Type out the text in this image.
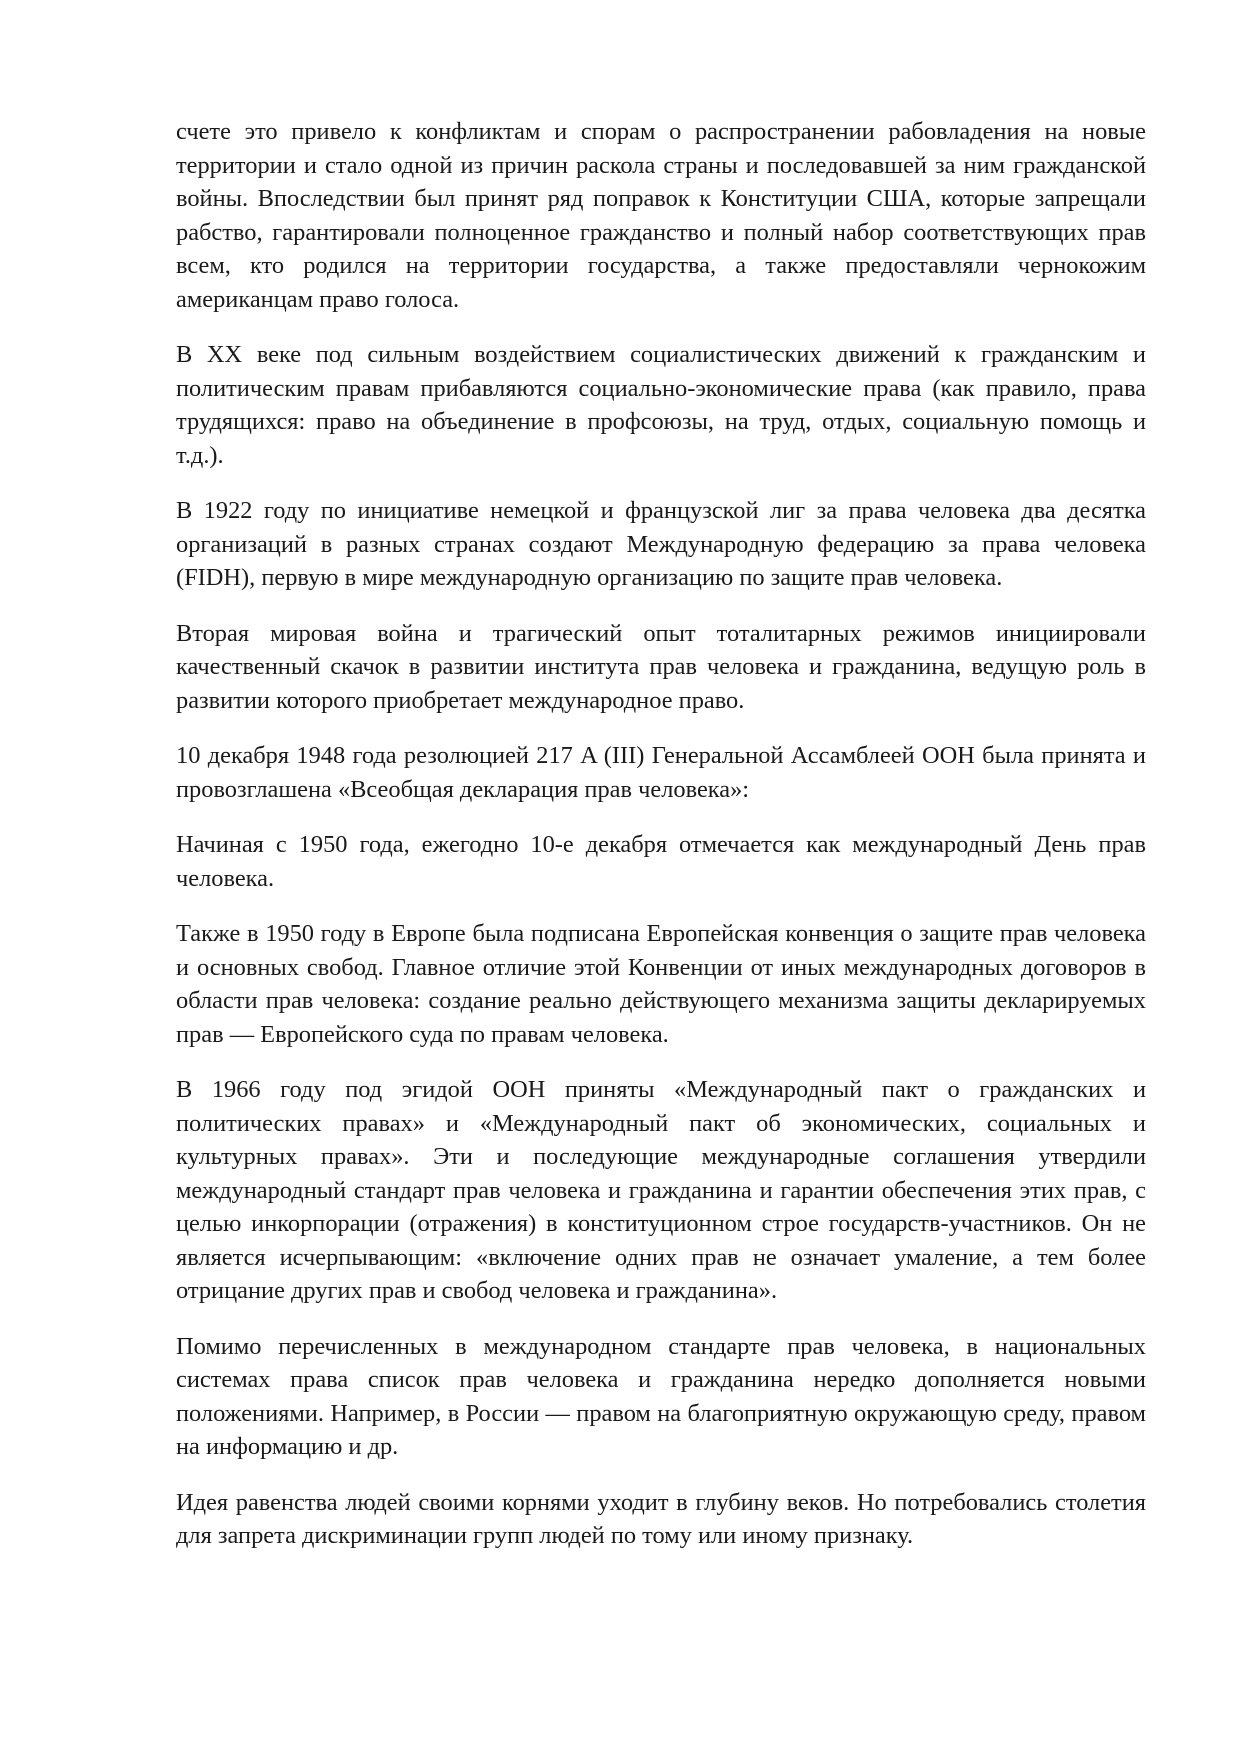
счете это привело к конфликтам и спорам о распространении рабовладения на новые территории и стало одной из причин раскола страны и последовавшей за ним гражданской войны. Впоследствии был принят ряд поправок к Конституции США, которые запрещали рабство, гарантировали полноценное гражданство и полный набор соответствующих прав всем, кто родился на территории государства, а также предоставляли чернокожим американцам право голоса.

В XX веке под сильным воздействием социалистических движений к гражданским и политическим правам прибавляются социально-экономические права (как правило, права трудящихся: право на объединение в профсоюзы, на труд, отдых, социальную помощь и т.д.).

В 1922 году по инициативе немецкой и французской лиг за права человека два десятка организаций в разных странах создают Международную федерацию за права человека (FIDH), первую в мире международную организацию по защите прав человека.

Вторая мировая война и трагический опыт тоталитарных режимов инициировали качественный скачок в развитии института прав человека и гражданина, ведущую роль в развитии которого приобретает международное право.

10 декабря 1948 года резолюцией 217 A (III) Генеральной Ассамблеей ООН была принята и провозглашена «Всеобщая декларация прав человека»:

Начиная с 1950 года, ежегодно 10-е декабря отмечается как международный День прав человека.

Также в 1950 году в Европе была подписана Европейская конвенция о защите прав человека и основных свобод. Главное отличие этой Конвенции от иных международных договоров в области прав человека: создание реально действующего механизма защиты декларируемых прав — Европейского суда по правам человека.

В 1966 году под эгидой ООН приняты «Международный пакт о гражданских и политических правах» и «Международный пакт об экономических, социальных и культурных правах». Эти и последующие международные соглашения утвердили международный стандарт прав человека и гражданина и гарантии обеспечения этих прав, с целью инкорпорации (отражения) в конституционном строе государств-участников. Он не является исчерпывающим: «включение одних прав не означает умаление, а тем более отрицание других прав и свобод человека и гражданина».

Помимо перечисленных в международном стандарте прав человека, в национальных системах права список прав человека и гражданина нередко дополняется новыми положениями. Например, в России — правом на благоприятную окружающую среду, правом на информацию и др.

Идея равенства людей своими корнями уходит в глубину веков. Но потребовались столетия для запрета дискриминации групп людей по тому или иному признаку.
